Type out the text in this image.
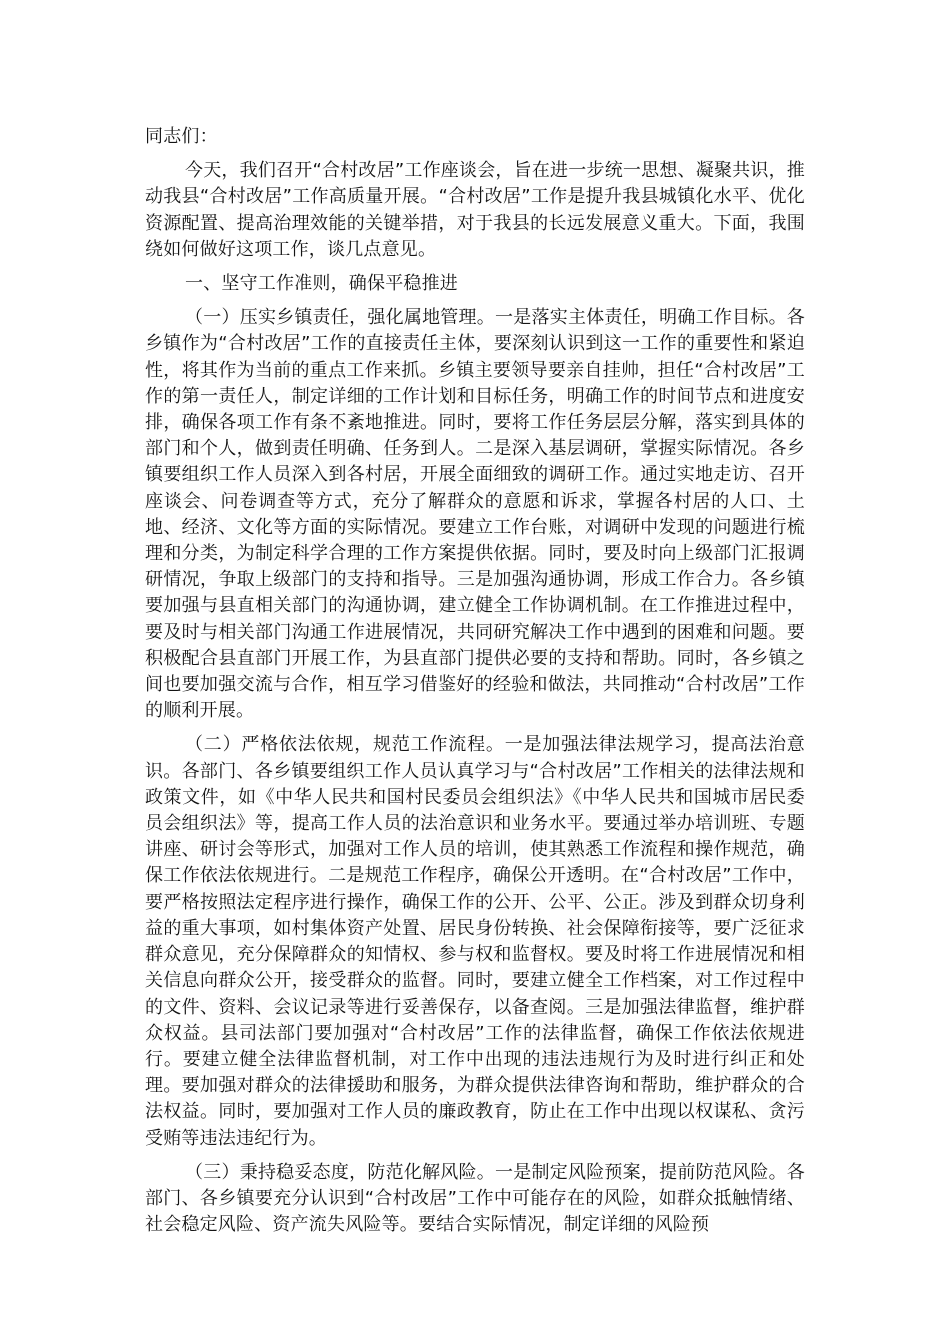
同志们：

今天，我们召开“合村改居”工作座谈会，旨在进一步统一思想、凝聚共识，推动我县“合村改居”工作高质量开展。“合村改居”工作是提升我县城镇化水平、优化资源配置、提高治理效能的关键举措，对于我县的长远发展意义重大。下面，我围绕如何做好这项工作，谈几点意见。

一、坚守工作准则，确保平稳推进

（一）压实乡镇责任，强化属地管理。一是落实主体责任，明确工作目标。各乡镇作为“合村改居”工作的直接责任主体，要深刻认识到这一工作的重要性和紧迫性，将其作为当前的重点工作来抓。乡镇主要领导要亲自挂帅，担任“合村改居”工作的第一责任人，制定详细的工作计划和目标任务，明确工作的时间节点和进度安排，确保各项工作有条不紊地推进。同时，要将工作任务层层分解，落实到具体的部门和个人，做到责任明确、任务到人。二是深入基层调研，掌握实际情况。各乡镇要组织工作人员深入到各村居，开展全面细致的调研工作。通过实地走访、召开座谈会、问卷调查等方式，充分了解群众的意愿和诉求，掌握各村居的人口、土地、经济、文化等方面的实际情况。要建立工作台账，对调研中发现的问题进行梳理和分类，为制定科学合理的工作方案提供依据。同时，要及时向上级部门汇报调研情况，争取上级部门的支持和指导。三是加强沟通协调，形成工作合力。各乡镇要加强与县直相关部门的沟通协调，建立健全工作协调机制。在工作推进过程中，要及时与相关部门沟通工作进展情况，共同研究解决工作中遇到的困难和问题。要积极配合县直部门开展工作，为县直部门提供必要的支持和帮助。同时，各乡镇之间也要加强交流与合作，相互学习借鉴好的经验和做法，共同推动“合村改居”工作的顺利开展。

（二）严格依法依规，规范工作流程。一是加强法律法规学习，提高法治意识。各部门、各乡镇要组织工作人员认真学习与“合村改居”工作相关的法律法规和政策文件，如《中华人民共和国村民委员会组织法》《中华人民共和国城市居民委员会组织法》等，提高工作人员的法治意识和业务水平。要通过举办培训班、专题讲座、研讨会等形式，加强对工作人员的培训，使其熟悉工作流程和操作规范，确保工作依法依规进行。二是规范工作程序，确保公开透明。在“合村改居”工作中，要严格按照法定程序进行操作，确保工作的公开、公平、公正。涉及到群众切身利益的重大事项，如村集体资产处置、居民身份转换、社会保障衔接等，要广泛征求群众意见，充分保障群众的知情权、参与权和监督权。要及时将工作进展情况和相关信息向群众公开，接受群众的监督。同时，要建立健全工作档案，对工作过程中的文件、资料、会议记录等进行妥善保存，以备查阅。三是加强法律监督，维护群众权益。县司法部门要加强对“合村改居”工作的法律监督，确保工作依法依规进行。要建立健全法律监督机制，对工作中出现的违法违规行为及时进行纠正和处理。要加强对群众的法律援助和服务，为群众提供法律咨询和帮助，维护群众的合法权益。同时，要加强对工作人员的廉政教育，防止在工作中出现以权谋私、贪污受贿等违法违纪行为。

（三）秉持稳妥态度，防范化解风险。一是制定风险预案，提前防范风险。各部门、各乡镇要充分认识到“合村改居”工作中可能存在的风险，如群众抵触情绪、社会稳定风险、资产流失风险等。要结合实际情况，制定详细的风险预
